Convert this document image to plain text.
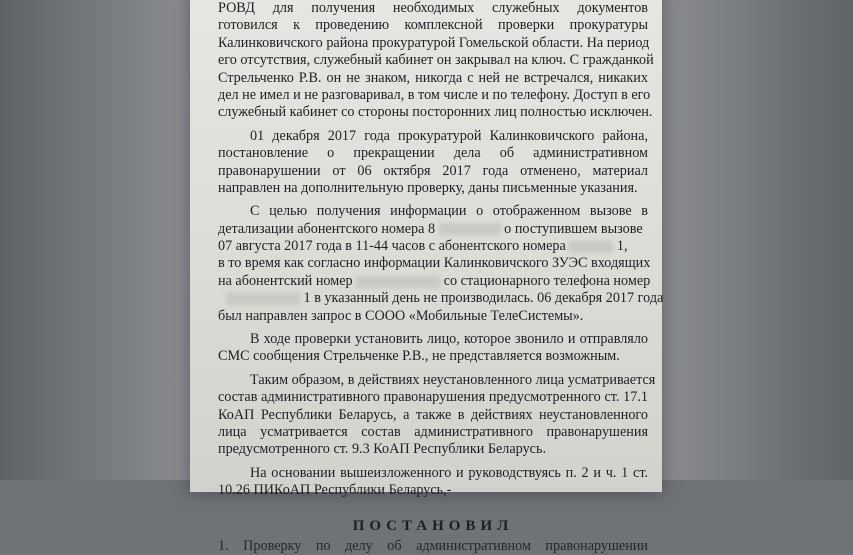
РОВД для получения необходимых служебных документов
готовился к проведению комплексной проверки прокуратуры
Калинковичского района прокуратурой Гомельской области. На период
его отсутствия, служебный кабинет он закрывал на ключ. С гражданкой
Стрельченко Р.В. он не знаком, никогда с ней не встречался, никаких
дел не имел и не разговаривал, в том числе и по телефону. Доступ в его
служебный кабинет со стороны посторонних лиц полностью исключен.
01 декабря 2017 года прокуратурой Калинковичского района,
постановление о прекращении дела об административном
правонарушении от 06 октября 2017 года отменено, материал
направлен на дополнительную проверку, даны письменные указания.
С целью получения информации о отображенном вызове в
детализации абонентского номера 8	о поступившем вызове
07 августа 2017 года в 11-44 часов с абонентского номера	1,
в то время как согласно информации Калинковичского ЗУЭС входящих
на абонентский номер	со стационарного телефона номер
1 в указанный день не производилась. 06 декабря 2017 года
был направлен запрос в СООО «Мобильные ТелеСистемы».
В ходе проверки установить лицо, которое звонило и отправляло
СМС сообщения Стрельченке Р.В., не представляется возможным.
Таким образом, в действиях неустановленного лица усматривается
состав административного правонарушения предусмотренного ст. 17.1
КоАП Республики Беларусь, а также в действиях неустановленного
лица усматривается состав административного правонарушения
предусмотренного ст. 9.3 КоАП Республики Беларусь.
На основании вышеизложенного и руководствуясь п. 2 и ч. 1 ст.
10.26 ПИКоАП Республики Беларусь,-
ПОСТАНОВИЛ
1. Проверку по делу об административном правонарушении
